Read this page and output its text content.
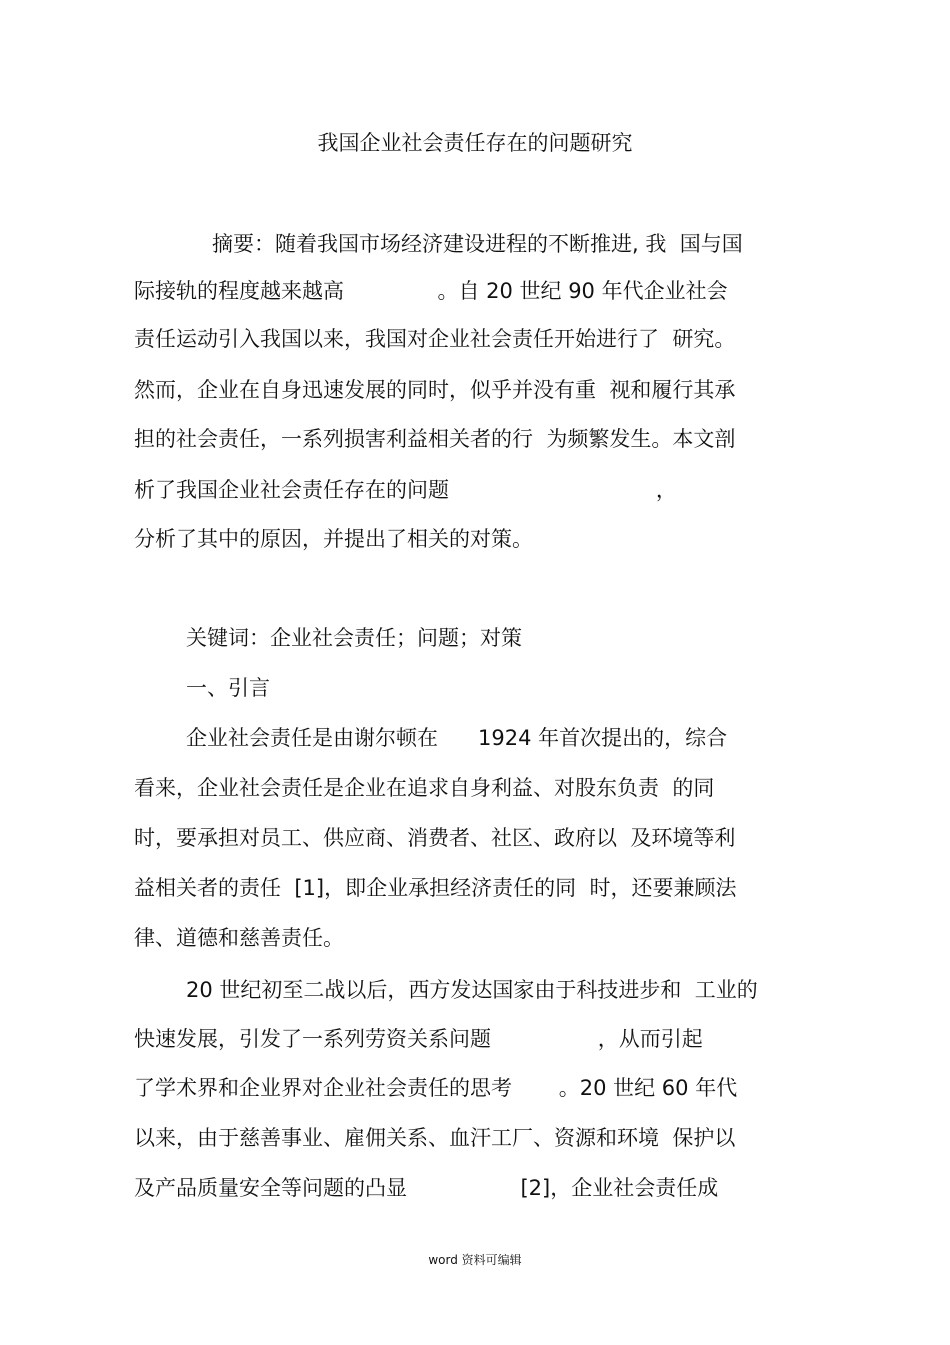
我国企业社会责任存在的问题研究
摘要：随着我国市场经济建设进程的不断推进, 我  国与国
际接轨的程度越来越高              。自 20 世纪 90 年代企业社会
责任运动引入我国以来，我国对企业社会责任开始进行了  研究。
然而，企业在自身迅速发展的同时，似乎并没有重  视和履行其承
担的社会责任，一系列损害利益相关者的行  为频繁发生。本文剖
析了我国企业社会责任存在的问题                               ，
分析了其中的原因，并提出了相关的对策。
关键词：企业社会责任；问题；对策
一、引言
企业社会责任是由谢尔顿在      1924 年首次提出的，综合
看来，企业社会责任是企业在追求自身利益、对股东负责  的同
时，要承担对员工、供应商、消费者、社区、政府以  及环境等利
益相关者的责任  [1]，即企业承担经济责任的同  时，还要兼顾法
律、道德和慈善责任。
20 世纪初至二战以后，西方发达国家由于科技进步和  工业的
快速发展，引发了一系列劳资关系问题                ，从而引起
了学术界和企业界对企业社会责任的思考       。20 世纪 60 年代
以来，由于慈善事业、雇佣关系、血汗工厂、资源和环境  保护以
及产品质量安全等问题的凸显                 [2]，企业社会责任成
word 资料可编辑
